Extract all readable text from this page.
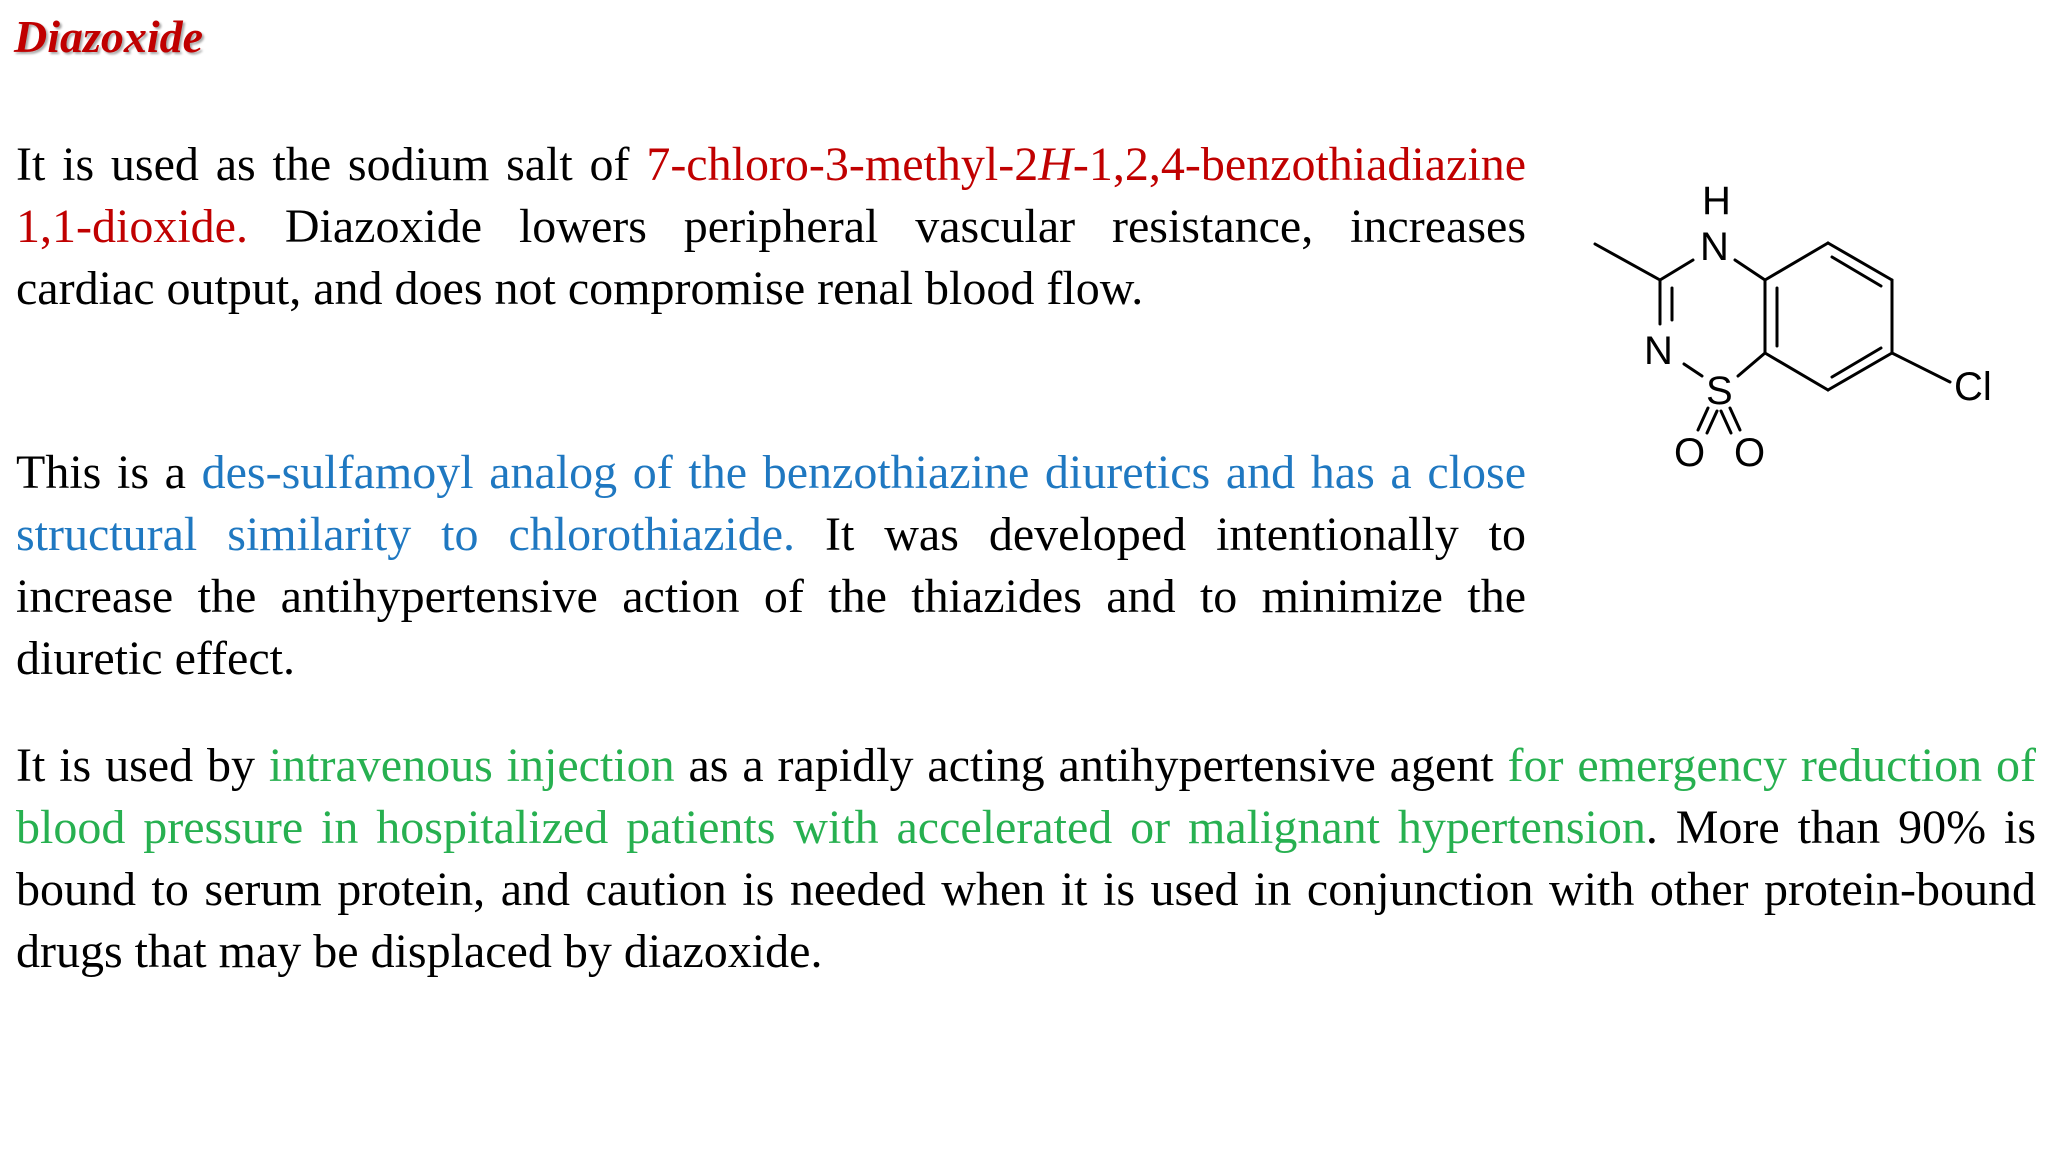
Diazoxide

It is used as the sodium salt of 7-chloro-3-methyl-2H-1,2,4-benzothiadiazine 1,1-dioxide. Diazoxide lowers peripheral vascular resistance, increases cardiac output, and does not compromise renal blood flow.

This is a des-sulfamoyl analog of the benzothiazine diuretics and has a close structural similarity to chlorothiazide. It was developed intentionally to increase the antihypertensive action of the thiazides and to minimize the diuretic effect.

It is used by intravenous injection as a rapidly acting antihypertensive agent for emergency reduction of blood pressure in hospitalized patients with accelerated or malignant hypertension. More than 90% is bound to serum protein, and caution is needed when it is used in conjunction with other protein-bound drugs that may be displaced by diazoxide.

H
N
N
S
O O
Cl
